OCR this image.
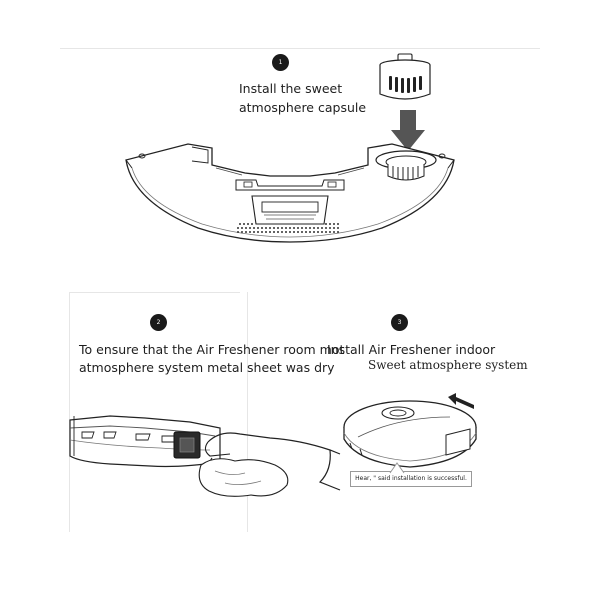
1
Install the sweet
atmosphere capsule
2
To ensure that the Air Freshener room mot
atmosphere system metal sheet was dry
3
Install Air Freshener indoor
Sweet atmosphere system
Hear, " said installation is successful.
